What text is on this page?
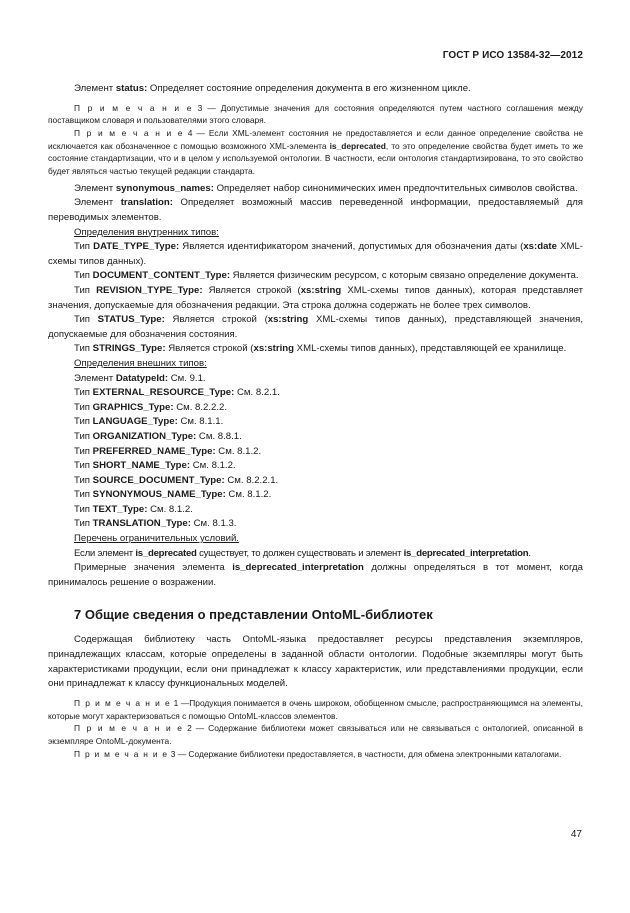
ГОСТ Р ИСО 13584-32—2012

Элемент status: Определяет состояние определения документа в его жизненном цикле.

П р и м е ч а н и е 3 — Допустимые значения для состояния определяются путем частного соглашения между поставщиком словаря и пользователями этого словаря.

П р и м е ч а н и е 4 — Если XML-элемент состояния не предоставляется и если данное определение свойства не исключается как обозначенное с помощью возможного XML-элемента is_deprecated, то это определение свойства будет иметь то же состояние стандартизации, что и в целом у используемой онтологии. В частности, если онтология стандартизирована, то это свойство будет являться частью текущей редакции стандарта.

Элемент synonymous_names: Определяет набор синонимических имен предпочтительных символов свойства.

Элемент translation: Определяет возможный массив переведенной информации, предоставляемый для переводимых элементов.

Определения внутренних типов:

Тип DATE_TYPE_Type: Является идентификатором значений, допустимых для обозначения даты (xs:date XML-схемы типов данных).

Тип DOCUMENT_CONTENT_Type: Является физическим ресурсом, с которым связано определение документа.

Тип REVISION_TYPE_Type: Является строкой (xs:string XML-схемы типов данных), которая представляет значения, допускаемые для обозначения редакции. Эта строка должна содержать не более трех символов.

Тип STATUS_Type: Является строкой (xs:string XML-схемы типов данных), представляющей значения, допускаемые для обозначения состояния.

Тип STRINGS_Type: Является строкой (xs:string XML-схемы типов данных), представляющей ее хранилище.

Определения внешних типов:

Элемент DatatypeId: См. 9.1.

Тип EXTERNAL_RESOURCE_Type: См. 8.2.1.

Тип GRAPHICS_Type: См. 8.2.2.2.

Тип LANGUAGE_Type: См. 8.1.1.

Тип ORGANIZATION_Type: См. 8.8.1.

Тип PREFERRED_NAME_Type: См. 8.1.2.

Тип SHORT_NAME_Type: См. 8.1.2.

Тип SOURCE_DOCUMENT_Type: См. 8.2.2.1.

Тип SYNONYMOUS_NAME_Type: См. 8.1.2.

Тип TEXT_Type: См. 8.1.2.

Тип TRANSLATION_Type: См. 8.1.3.

Перечень ограничительных условий.

Если элемент is_deprecated существует, то должен существовать и элемент is_deprecated_interpretation.

Примерные значения элемента is_deprecated_interpretation должны определяться в тот момент, когда принималось решение о возражении.

7 Общие сведения о представлении OntoML-библиотек

Содержащая библиотеку часть OntoML-языка предоставляет ресурсы представления экземпляров, принадлежащих классам, которые определены в заданной области онтологии. Подобные экземпляры могут быть характеристиками продукции, если они принадлежат к классу характеристик, или представлениями продукции, если они принадлежат к классу функциональных моделей.

П р и м е ч а н и е 1 —Продукция понимается в очень широком, обобщенном смысле, распространяющимся на элементы, которые могут характеризоваться с помощью OntoML-классов элементов.

П р и м е ч а н и е 2 — Содержание библиотеки может связываться или не связываться с онтологией, описанной в экземпляре OntoML-документа.

П р и м е ч а н и е 3 — Содержание библиотеки предоставляется, в частности, для обмена электронными каталогами.

47
